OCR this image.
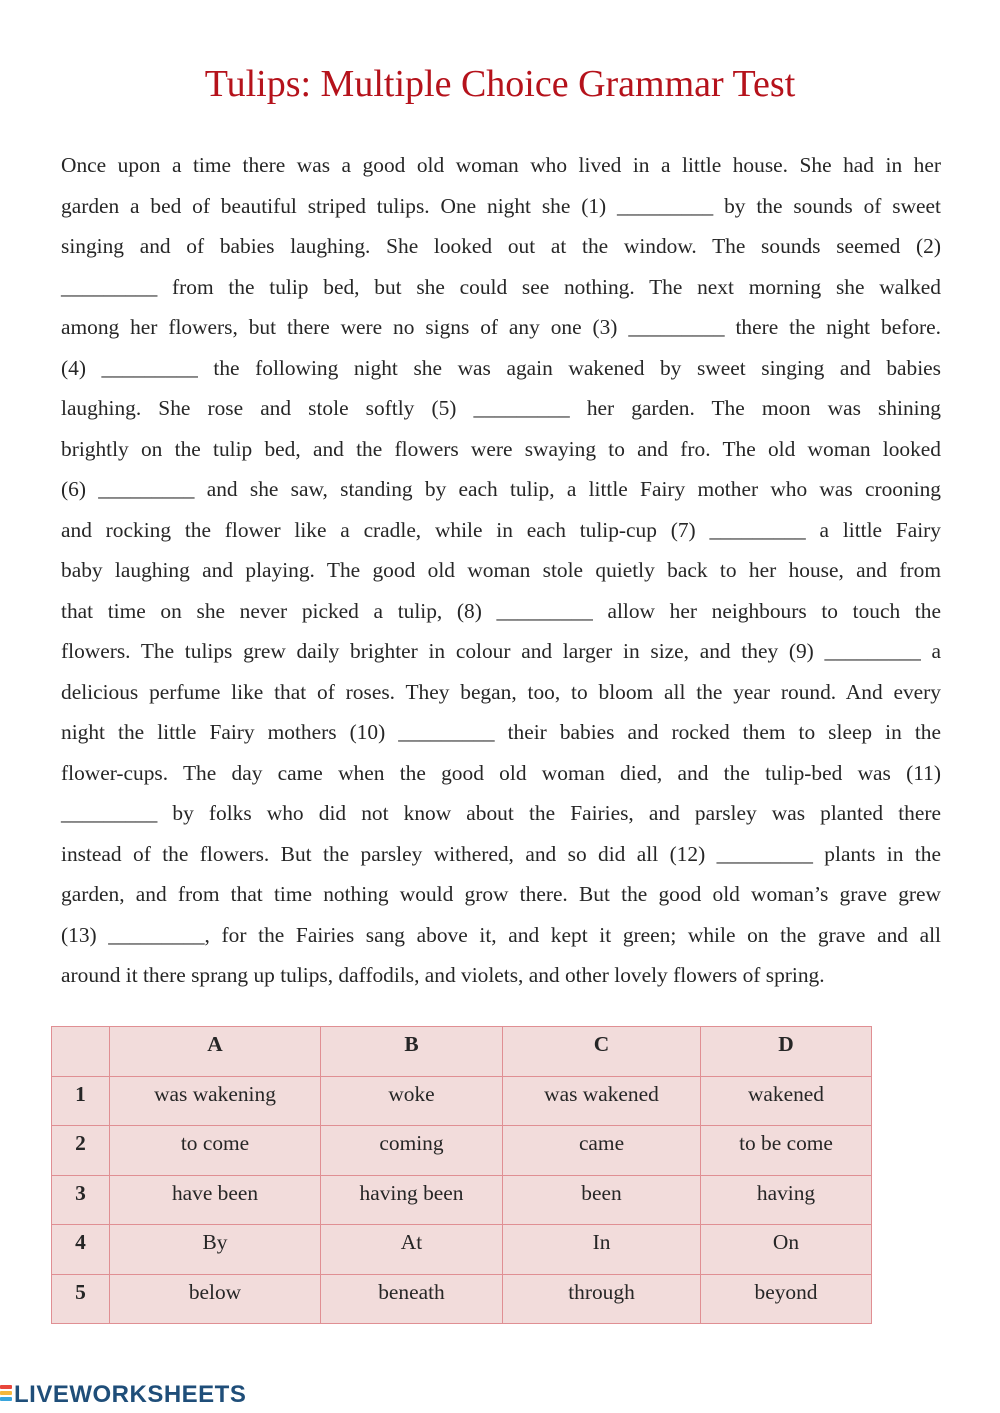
Tulips: Multiple Choice Grammar Test
Once upon a time there was a good old woman who lived in a little house. She had in her
garden a bed of beautiful striped tulips. One night she (1) _________ by the sounds of sweet
singing and of babies laughing. She looked out at the window. The sounds seemed (2)
_________ from the tulip bed, but she could see nothing. The next morning she walked
among her flowers, but there were no signs of any one (3) _________ there the night before.
(4) _________ the following night she was again wakened by sweet singing and babies
laughing. She rose and stole softly (5) _________ her garden. The moon was shining
brightly on the tulip bed, and the flowers were swaying to and fro. The old woman looked
(6) _________ and she saw, standing by each tulip, a little Fairy mother who was crooning
and rocking the flower like a cradle, while in each tulip-cup (7) _________ a little Fairy
baby laughing and playing. The good old woman stole quietly back to her house, and from
that time on she never picked a tulip, (8) _________ allow her neighbours to touch the
flowers. The tulips grew daily brighter in colour and larger in size, and they (9) _________ a
delicious perfume like that of roses. They began, too, to bloom all the year round. And every
night the little Fairy mothers (10) _________ their babies and rocked them to sleep in the
flower-cups. The day came when the good old woman died, and the tulip-bed was (11)
_________ by folks who did not know about the Fairies, and parsley was planted there
instead of the flowers. But the parsley withered, and so did all (12) _________ plants in the
garden, and from that time nothing would grow there. But the good old woman’s grave grew
(13) _________, for the Fairies sang above it, and kept it green; while on the grave and all
around it there sprang up tulips, daffodils, and violets, and other lovely flowers of spring.
	A	B	C	D
1	was wakening	woke	was wakened	wakened
2	to come	coming	came	to be come
3	have been	having been	been	having
4	By	At	In	On
5	below	beneath	through	beyond
LIVEWORKSHEETS
